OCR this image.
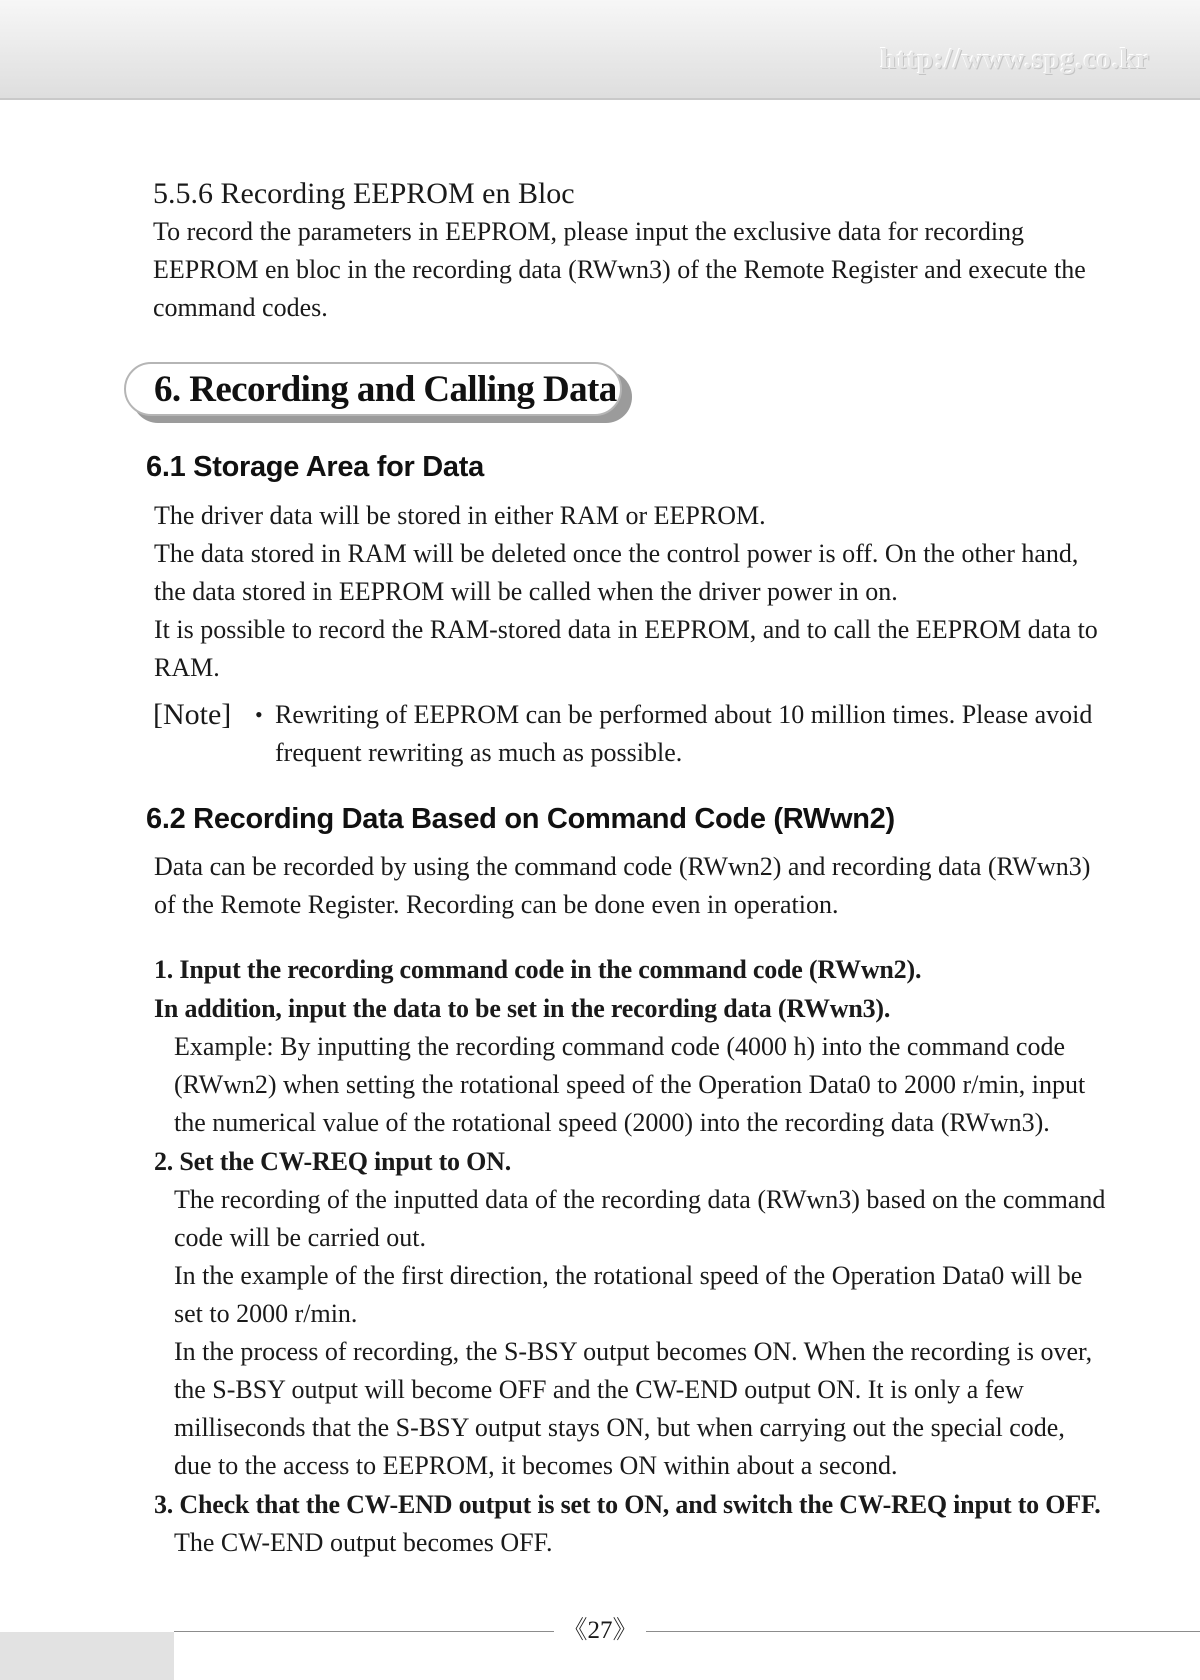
http://www.spg.co.kr

5.5.6 Recording EEPROM en Bloc

To record the parameters in EEPROM, please input the exclusive data for recording

EEPROM en bloc in the recording data (RWwn3) of the Remote Register and execute the

command codes.

6. Recording and Calling Data
6.1 Storage Area for Data

The driver data will be stored in either RAM or EEPROM.

The data stored in RAM will be deleted once the control power is off. On the other hand,

the data stored in EEPROM will be called when the driver power in on.

It is possible to record the RAM-stored data in EEPROM, and to call the EEPROM data to

RAM.

[Note]	• Rewriting of EEPROM can be performed about 10 million times. Please avoid

frequent rewriting as much as possible.

6.2 Recording Data Based on Command Code (RWwn2)

Data can be recorded by using the command code (RWwn2) and recording data (RWwn3)

of the Remote Register. Recording can be done even in operation.

1. Input the recording command code in the command code (RWwn2).

In addition, input the data to be set in the recording data (RWwn3).

Example: By inputting the recording command code (4000 h) into the command code

(RWwn2) when setting the rotational speed of the Operation Data0 to 2000 r/min, input

the numerical value of the rotational speed (2000) into the recording data (RWwn3).

2. Set the CW-REQ input to ON.

The recording of the inputted data of the recording data (RWwn3) based on the command

code will be carried out.

In the example of the first direction, the rotational speed of the Operation Data0 will be

set to 2000 r/min.

In the process of recording, the S-BSY output becomes ON. When the recording is over,

the S-BSY output will become OFF and the CW-END output ON. It is only a few

milliseconds that the S-BSY output stays ON, but when carrying out the special code,

due to the access to EEPROM, it becomes ON within about a second.

3. Check that the CW-END output is set to ON, and switch the CW-REQ input to OFF.

The CW-END output becomes OFF.

《27》
